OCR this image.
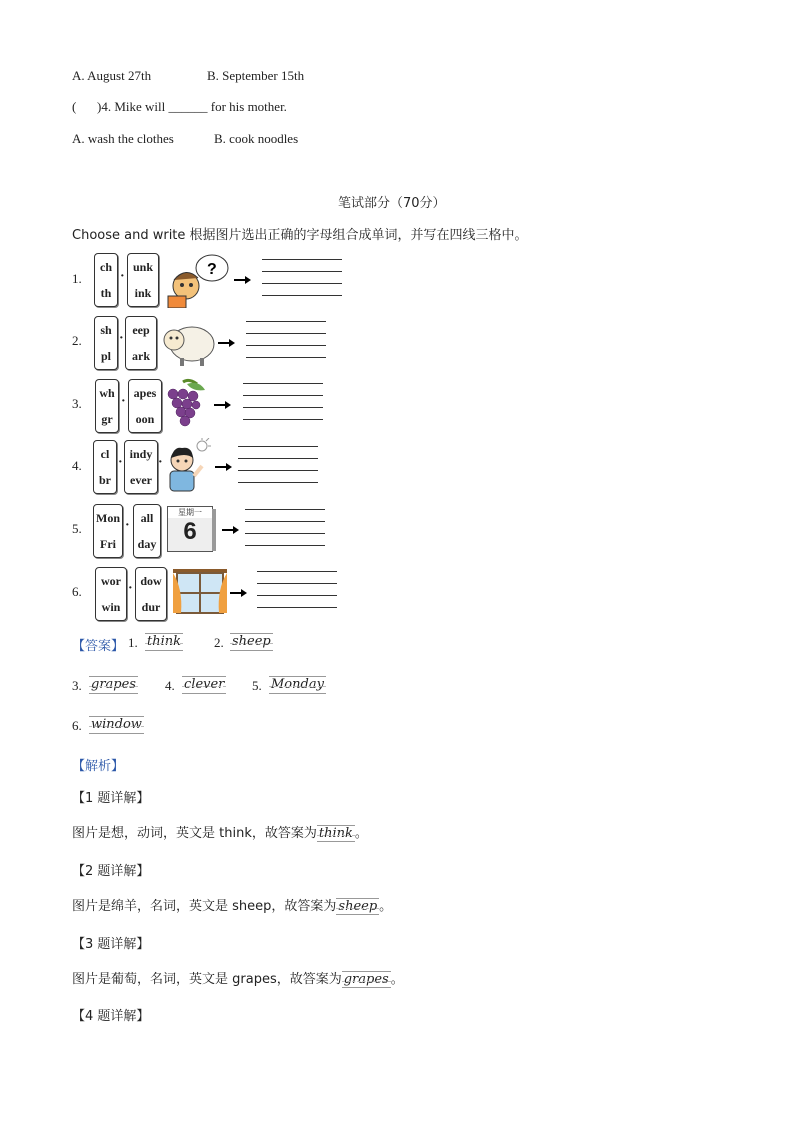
A. August 27th	B. September 15th
( )4. Mike will ______ for his mother.
A. wash the clothes	B. cook noodles
笔试部分（70分）
Choose and write 根据图片选出正确的字母组合成单词，并写在四线三格中。
1.
ch
th
·
unk
ink
?
2.
sh
pl
·
eep
ark
3.
wh
gr
·
apes
oon
4.
cl
br
·
indy
ever
·
5.
Mon
Fri
·
all
day
星期一
6
6.
wor
win
·
dow
dur
【答案】 1. think	2. sheep
3. grapes 4. clever 5. Monday
6. window
【解析】
【1 题详解】
图片是想，动词，英文是 think，故答案为 think 。
【2 题详解】
图片是绵羊，名词，英文是 sheep，故答案为 sheep 。
【3 题详解】
图片是葡萄，名词，英文是 grapes，故答案为 grapes 。
【4 题详解】
